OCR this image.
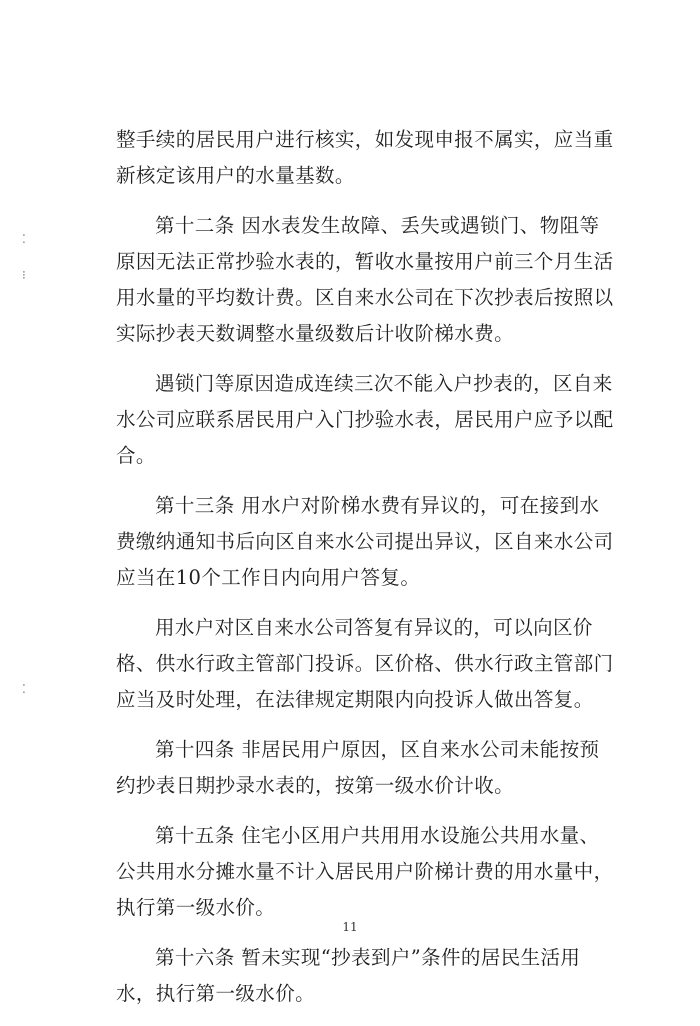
⁚
⁝
⁚

整手续的居民用户进行核实，如发现申报不属实，应当重新核定该用户的水量基数。

第十二条 因水表发生故障、丢失或遇锁门、物阻等原因无法正常抄验水表的，暂收水量按用户前三个月生活用水量的平均数计费。区自来水公司在下次抄表后按照以实际抄表天数调整水量级数后计收阶梯水费。

遇锁门等原因造成连续三次不能入户抄表的，区自来水公司应联系居民用户入门抄验水表，居民用户应予以配合。

第十三条 用水户对阶梯水费有异议的，可在接到水费缴纳通知书后向区自来水公司提出异议，区自来水公司应当在10个工作日内向用户答复。

用水户对区自来水公司答复有异议的，可以向区价格、供水行政主管部门投诉。区价格、供水行政主管部门应当及时处理，在法律规定期限内向投诉人做出答复。

第十四条 非居民用户原因，区自来水公司未能按预约抄表日期抄录水表的，按第一级水价计收。

第十五条 住宅小区用户共用用水设施公共用水量、公共用水分摊水量不计入居民用户阶梯计费的用水量中，执行第一级水价。

第十六条 暂未实现“抄表到户”条件的居民生活用水，执行第一级水价。

11
